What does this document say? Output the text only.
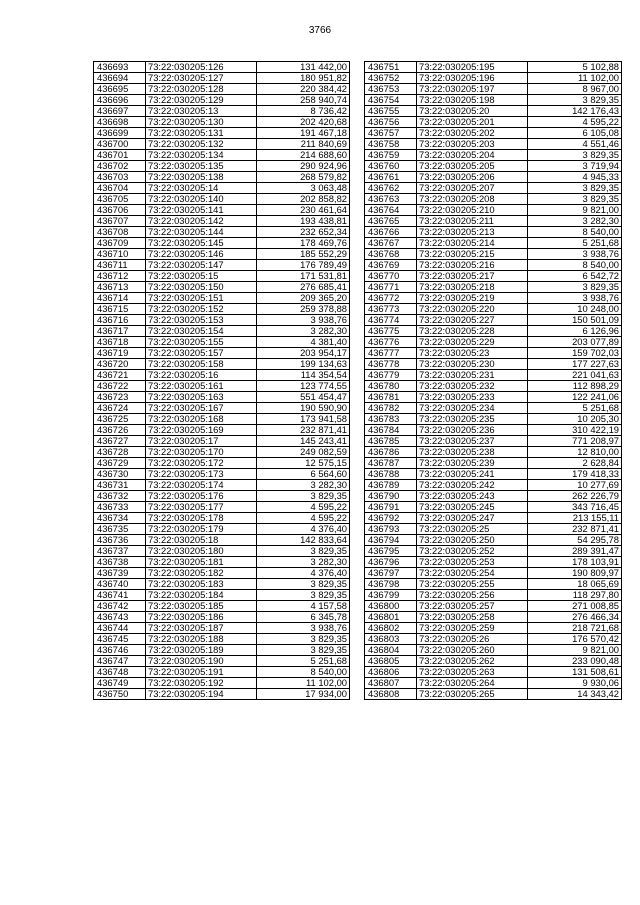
3766
436693	73:22:030205:126	131 442,00
436694	73:22:030205:127	180 951,82
436695	73:22:030205:128	220 384,42
436696	73:22:030205:129	258 940,74
436697	73:22:030205:13	8 736,42
436698	73:22:030205:130	202 420,68
436699	73:22:030205:131	191 467,18
436700	73:22:030205:132	211 840,69
436701	73:22:030205:134	214 688,60
436702	73:22:030205:135	290 924,96
436703	73:22:030205:138	268 579,82
436704	73:22:030205:14	3 063,48
436705	73:22:030205:140	202 858,82
436706	73:22:030205:141	230 461,64
436707	73:22:030205:142	193 438,81
436708	73:22:030205:144	232 652,34
436709	73:22:030205:145	178 469,76
436710	73:22:030205:146	185 552,29
436711	73:22:030205:147	176 789,49
436712	73:22:030205:15	171 531,81
436713	73:22:030205:150	276 685,41
436714	73:22:030205:151	209 365,20
436715	73:22:030205:152	259 378,88
436716	73:22:030205:153	3 938,76
436717	73:22:030205:154	3 282,30
436718	73:22:030205:155	4 381,40
436719	73:22:030205:157	203 954,17
436720	73:22:030205:158	199 134,63
436721	73:22:030205:16	114 354,54
436722	73:22:030205:161	123 774,55
436723	73:22:030205:163	551 454,47
436724	73:22:030205:167	190 590,90
436725	73:22:030205:168	173 941,58
436726	73:22:030205:169	232 871,41
436727	73:22:030205:17	145 243,41
436728	73:22:030205:170	249 082,59
436729	73:22:030205:172	12 575,15
436730	73:22:030205:173	6 564,60
436731	73:22:030205:174	3 282,30
436732	73:22:030205:176	3 829,35
436733	73:22:030205:177	4 595,22
436734	73:22:030205:178	4 595,22
436735	73:22:030205:179	4 376,40
436736	73:22:030205:18	142 833,64
436737	73:22:030205:180	3 829,35
436738	73:22:030205:181	3 282,30
436739	73:22:030205:182	4 376,40
436740	73:22:030205:183	3 829,35
436741	73:22:030205:184	3 829,35
436742	73:22:030205:185	4 157,58
436743	73:22:030205:186	6 345,78
436744	73:22:030205:187	3 938,76
436745	73:22:030205:188	3 829,35
436746	73:22:030205:189	3 829,35
436747	73:22:030205:190	5 251,68
436748	73:22:030205:191	8 540,00
436749	73:22:030205:192	11 102,00
436750	73:22:030205:194	17 934,00
436751	73:22:030205:195	5 102,88
436752	73:22:030205:196	11 102,00
436753	73:22:030205:197	8 967,00
436754	73:22:030205:198	3 829,35
436755	73:22:030205:20	142 176,43
436756	73:22:030205:201	4 595,22
436757	73:22:030205:202	6 105,08
436758	73:22:030205:203	4 551,46
436759	73:22:030205:204	3 829,35
436760	73:22:030205:205	3 719,94
436761	73:22:030205:206	4 945,33
436762	73:22:030205:207	3 829,35
436763	73:22:030205:208	3 829,35
436764	73:22:030205:210	9 821,00
436765	73:22:030205:211	3 282,30
436766	73:22:030205:213	8 540,00
436767	73:22:030205:214	5 251,68
436768	73:22:030205:215	3 938,76
436769	73:22:030205:216	8 540,00
436770	73:22:030205:217	6 542,72
436771	73:22:030205:218	3 829,35
436772	73:22:030205:219	3 938,76
436773	73:22:030205:220	10 248,00
436774	73:22:030205:227	150 501,09
436775	73:22:030205:228	6 126,96
436776	73:22:030205:229	203 077,89
436777	73:22:030205:23	159 702,03
436778	73:22:030205:230	177 227,63
436779	73:22:030205:231	221 041,63
436780	73:22:030205:232	112 898,29
436781	73:22:030205:233	122 241,06
436782	73:22:030205:234	5 251,68
436783	73:22:030205:235	10 205,30
436784	73:22:030205:236	310 422,19
436785	73:22:030205:237	771 208,97
436786	73:22:030205:238	12 810,00
436787	73:22:030205:239	2 628,84
436788	73:22:030205:241	179 418,33
436789	73:22:030205:242	10 277,69
436790	73:22:030205:243	262 226,79
436791	73:22:030205:245	343 716,45
436792	73:22:030205:247	213 155,11
436793	73:22:030205:25	232 871,41
436794	73:22:030205:250	54 295,78
436795	73:22:030205:252	289 391,47
436796	73:22:030205:253	178 103,91
436797	73:22:030205:254	190 809,97
436798	73:22:030205:255	18 065,69
436799	73:22:030205:256	118 297,80
436800	73:22:030205:257	271 008,85
436801	73:22:030205:258	276 466,34
436802	73:22:030205:259	218 721,68
436803	73:22:030205:26	176 570,42
436804	73:22:030205:260	9 821,00
436805	73:22:030205:262	233 090,48
436806	73:22:030205:263	131 508,61
436807	73:22:030205:264	9 930,06
436808	73:22:030205:265	14 343,42
